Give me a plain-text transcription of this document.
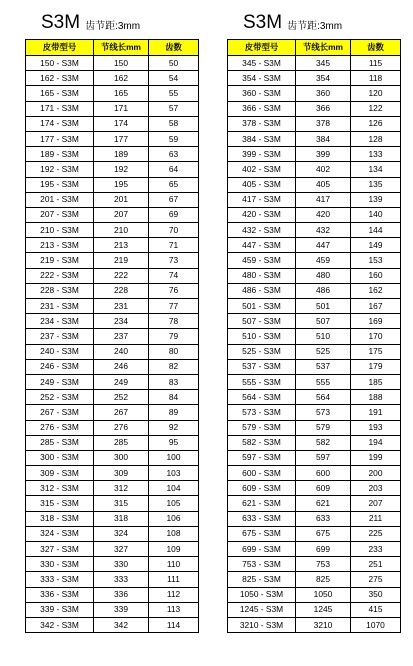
S3M 齿节距:3mm
皮带型号	节线长mm	齿数
150 - S3M	150	50
162 - S3M	162	54
165 - S3M	165	55
171 - S3M	171	57
174 - S3M	174	58
177 - S3M	177	59
189 - S3M	189	63
192 - S3M	192	64
195 - S3M	195	65
201 - S3M	201	67
207 - S3M	207	69
210 - S3M	210	70
213 - S3M	213	71
219 - S3M	219	73
222 - S3M	222	74
228 - S3M	228	76
231 - S3M	231	77
234 - S3M	234	78
237 - S3M	237	79
240 - S3M	240	80
246 - S3M	246	82
249 - S3M	249	83
252 - S3M	252	84
267 - S3M	267	89
276 - S3M	276	92
285 - S3M	285	95
300 - S3M	300	100
309 - S3M	309	103
312 - S3M	312	104
315 - S3M	315	105
318 - S3M	318	106
324 - S3M	324	108
327 - S3M	327	109
330 - S3M	330	110
333 - S3M	333	111
336 - S3M	336	112
339 - S3M	339	113
342 - S3M	342	114
S3M 齿节距:3mm
皮带型号	节线长mm	齿数
345 - S3M	345	115
354 - S3M	354	118
360 - S3M	360	120
366 - S3M	366	122
378 - S3M	378	126
384 - S3M	384	128
399 - S3M	399	133
402 - S3M	402	134
405 - S3M	405	135
417 - S3M	417	139
420 - S3M	420	140
432 - S3M	432	144
447 - S3M	447	149
459 - S3M	459	153
480 - S3M	480	160
486 - S3M	486	162
501 - S3M	501	167
507 - S3M	507	169
510 - S3M	510	170
525 - S3M	525	175
537 - S3M	537	179
555 - S3M	555	185
564 - S3M	564	188
573 - S3M	573	191
579 - S3M	579	193
582 - S3M	582	194
597 - S3M	597	199
600 - S3M	600	200
609 - S3M	609	203
621 - S3M	621	207
633 - S3M	633	211
675 - S3M	675	225
699 - S3M	699	233
753 - S3M	753	251
825 - S3M	825	275
1050 - S3M	1050	350
1245 - S3M	1245	415
3210 - S3M	3210	1070
